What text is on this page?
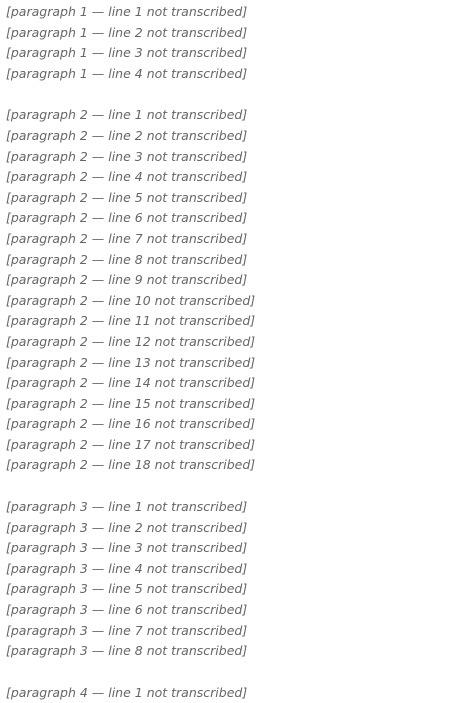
[paragraph 1 — line 1 not transcribed]
[paragraph 1 — line 2 not transcribed]
[paragraph 1 — line 3 not transcribed]
[paragraph 1 — line 4 not transcribed]

[paragraph 2 — line 1 not transcribed]
[paragraph 2 — line 2 not transcribed]
[paragraph 2 — line 3 not transcribed]
[paragraph 2 — line 4 not transcribed]
[paragraph 2 — line 5 not transcribed]
[paragraph 2 — line 6 not transcribed]
[paragraph 2 — line 7 not transcribed]
[paragraph 2 — line 8 not transcribed]
[paragraph 2 — line 9 not transcribed]
[paragraph 2 — line 10 not transcribed]
[paragraph 2 — line 11 not transcribed]
[paragraph 2 — line 12 not transcribed]
[paragraph 2 — line 13 not transcribed]
[paragraph 2 — line 14 not transcribed]
[paragraph 2 — line 15 not transcribed]
[paragraph 2 — line 16 not transcribed]
[paragraph 2 — line 17 not transcribed]
[paragraph 2 — line 18 not transcribed]

[paragraph 3 — line 1 not transcribed]
[paragraph 3 — line 2 not transcribed]
[paragraph 3 — line 3 not transcribed]
[paragraph 3 — line 4 not transcribed]
[paragraph 3 — line 5 not transcribed]
[paragraph 3 — line 6 not transcribed]
[paragraph 3 — line 7 not transcribed]
[paragraph 3 — line 8 not transcribed]

[paragraph 4 — line 1 not transcribed]
